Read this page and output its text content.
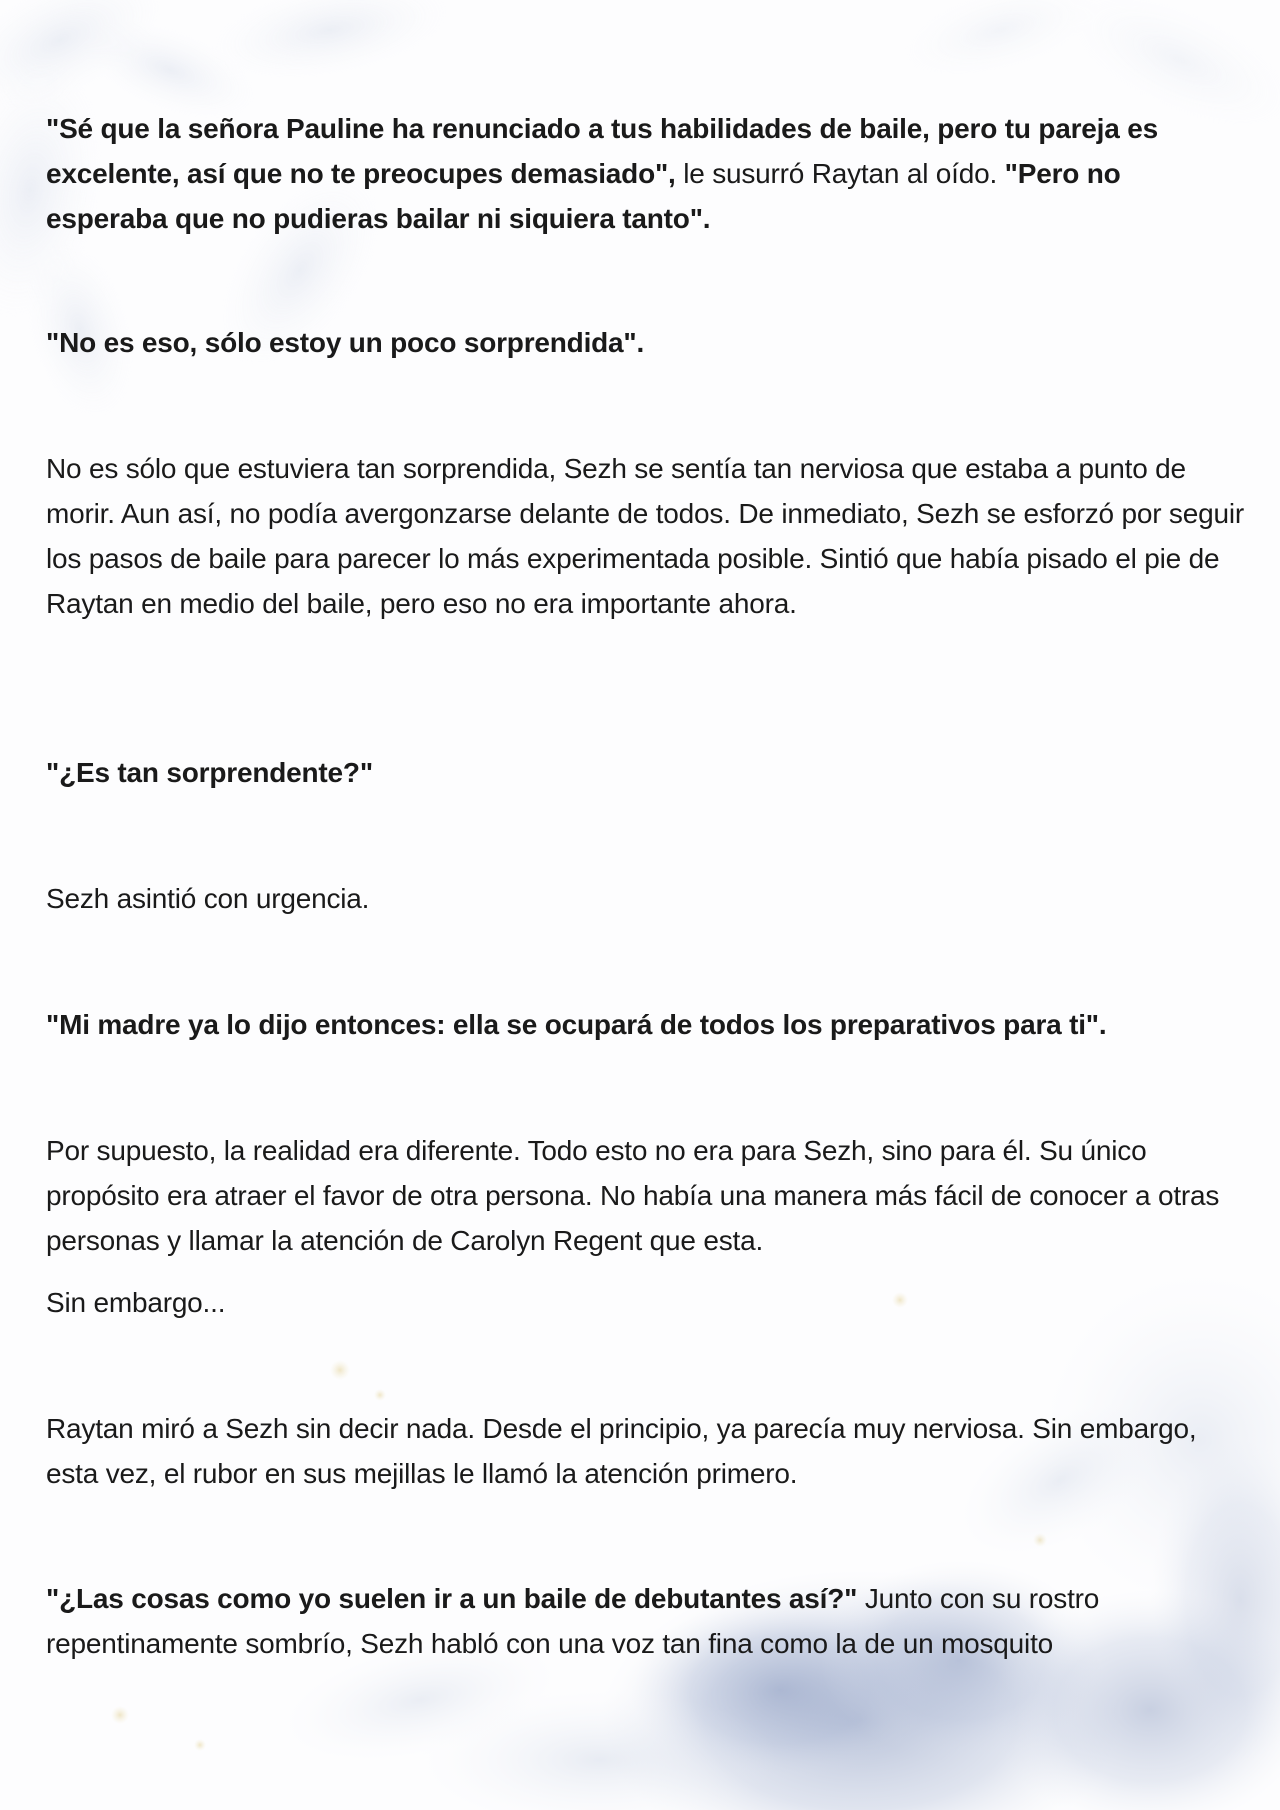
"Sé que la señora Pauline ha renunciado a tus habilidades de baile, pero tu pareja es excelente, así que no te preocupes demasiado", le susurró Raytan al oído. "Pero no esperaba que no pudieras bailar ni siquiera tanto".

"No es eso, sólo estoy un poco sorprendida".

No es sólo que estuviera tan sorprendida, Sezh se sentía tan nerviosa que estaba a punto de morir. Aun así, no podía avergonzarse delante de todos. De inmediato, Sezh se esforzó por seguir los pasos de baile para parecer lo más experimentada posible. Sintió que había pisado el pie de Raytan en medio del baile, pero eso no era importante ahora.

"¿Es tan sorprendente?"

Sezh asintió con urgencia.

"Mi madre ya lo dijo entonces: ella se ocupará de todos los preparativos para ti".

Por supuesto, la realidad era diferente. Todo esto no era para Sezh, sino para él. Su único propósito era atraer el favor de otra persona. No había una manera más fácil de conocer a otras personas y llamar la atención de Carolyn Regent que esta.

Sin embargo...

Raytan miró a Sezh sin decir nada. Desde el principio, ya parecía muy nerviosa. Sin embargo, esta vez, el rubor en sus mejillas le llamó la atención primero.

"¿Las cosas como yo suelen ir a un baile de debutantes así?" Junto con su rostro repentinamente sombrío, Sezh habló con una voz tan fina como la de un mosquito
